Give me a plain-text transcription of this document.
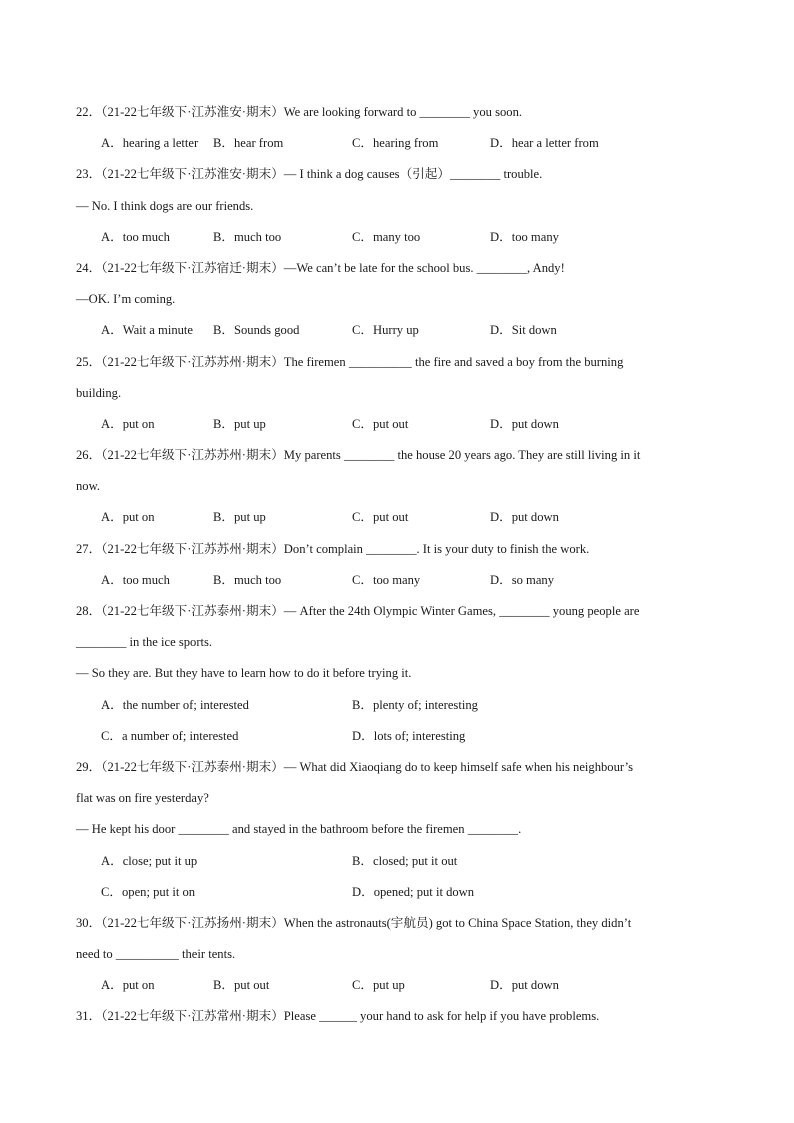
22．（21-22七年级下·江苏淮安·期末）We are looking forward to ________ you soon.
A．hearing a letter B．hear from	C．hearing from	D．hear a letter from
23．（21-22七年级下·江苏淮安·期末）— I think a dog causes（引起）________ trouble.
— No. I think dogs are our friends.
A．too much	B．much too	C．many too	D．too many
24．（21-22七年级下·江苏宿迁·期末）—We can’t be late for the school bus. ________, Andy!
—OK. I’m coming.
A．Wait a minute B．Sounds good	C．Hurry up	D．Sit down
25．（21-22七年级下·江苏苏州·期末）The firemen __________ the fire and saved a boy from the burning
building.
A．put on	B．put up	C．put out	D．put down
26．（21-22七年级下·江苏苏州·期末）My parents ________ the house 20 years ago. They are still living in it
now.
A．put on	B．put up	C．put out	D．put down
27．（21-22七年级下·江苏苏州·期末）Don’t complain ________. It is your duty to finish the work.
A．too much	B．much too	C．too many	D．so many
28．（21-22七年级下·江苏泰州·期末）— After the 24th Olympic Winter Games, ________ young people are
________ in the ice sports.
— So they are. But they have to learn how to do it before trying it.
A．the number of; interested	B．plenty of; interesting
C．a number of; interested	D．lots of; interesting
29．（21-22七年级下·江苏泰州·期末）— What did Xiaoqiang do to keep himself safe when his neighbour’s
flat was on fire yesterday?
— He kept his door ________ and stayed in the bathroom before the firemen ________.
A．close; put it up	B．closed; put it out
C．open; put it on	D．opened; put it down
30．（21-22七年级下·江苏扬州·期末）When the astronauts(宇航员) got to China Space Station, they didn’t
need to __________ their tents.
A．put on	B．put out	C．put up	D．put down
31．（21-22七年级下·江苏常州·期末）Please ______ your hand to ask for help if you have problems.
